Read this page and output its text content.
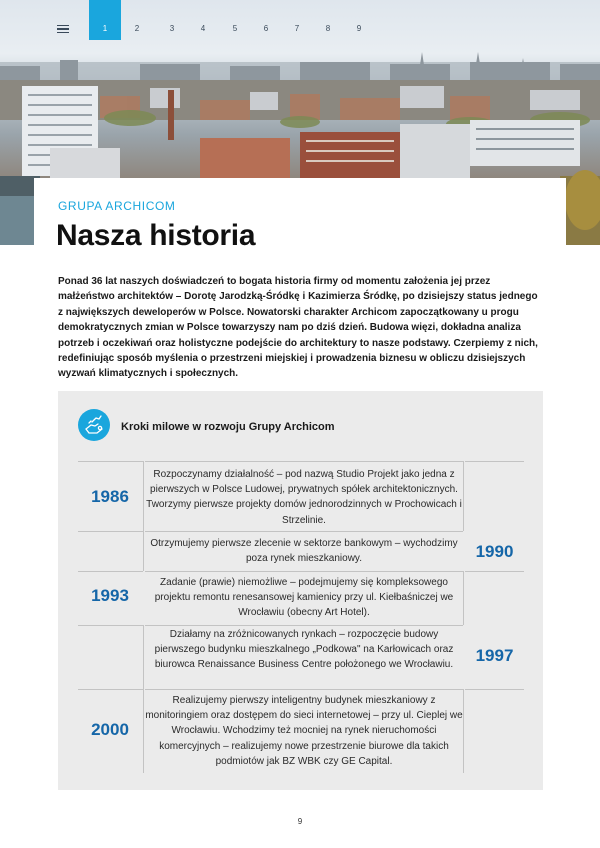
1	2	3	4	5	6	7	8	9
GRUPA ARCHICOM
Nasza historia

Ponad 36 lat naszych doświadczeń to bogata historia firmy od momentu założenia jej przez małżeństwo architektów – Dorotę Jarodzką-Śródkę i Kazimierza Śródkę, po dzisiejszy status jednego z największych deweloperów w Polsce. Nowatorski charakter Archicom zapoczątkowany u progu demokratycznych zmian w Polsce towarzyszy nam po dziś dzień. Budowa więzi, dokładna analiza potrzeb i oczekiwań oraz holistyczne podejście do architektury to nasze podstawy. Czerpiemy z nich, redefiniując sposób myślenia o przestrzeni miejskiej i prowadzenia biznesu w obliczu dzisiejszych wyzwań klimatycznych i społecznych.

Kroki milowe w rozwoju Grupy Archicom
1986
Rozpoczynamy działalność – pod nazwą Studio Projekt jako jedna z pierwszych w Polsce Ludowej, prywatnych spółek architektonicznych. Tworzymy pierwsze projekty domów jednorodzinnych w Prochowicach i Strzelinie.
1990
Otrzymujemy pierwsze zlecenie w sektorze bankowym – wychodzimy poza rynek mieszkaniowy.
1993
Zadanie (prawie) niemożliwe – podejmujemy się kompleksowego projektu remontu renesansowej kamienicy przy ul. Kiełbaśniczej we Wrocławiu (obecny Art Hotel).
1997
Działamy na zróżnicowanych rynkach – rozpoczęcie budowy pierwszego budynku mieszkalnego „Podkowa" na Karłowicach oraz biurowca Renaissance Business Centre położonego we Wrocławiu.
2000
Realizujemy pierwszy inteligentny budynek mieszkaniowy z monitoringiem oraz dostępem do sieci internetowej – przy ul. Cieplej we Wrocławiu. Wchodzimy też mocniej na rynek nieruchomości komercyjnych – realizujemy nowe przestrzenie biurowe dla takich podmiotów jak BZ WBK czy GE Capital.
9
